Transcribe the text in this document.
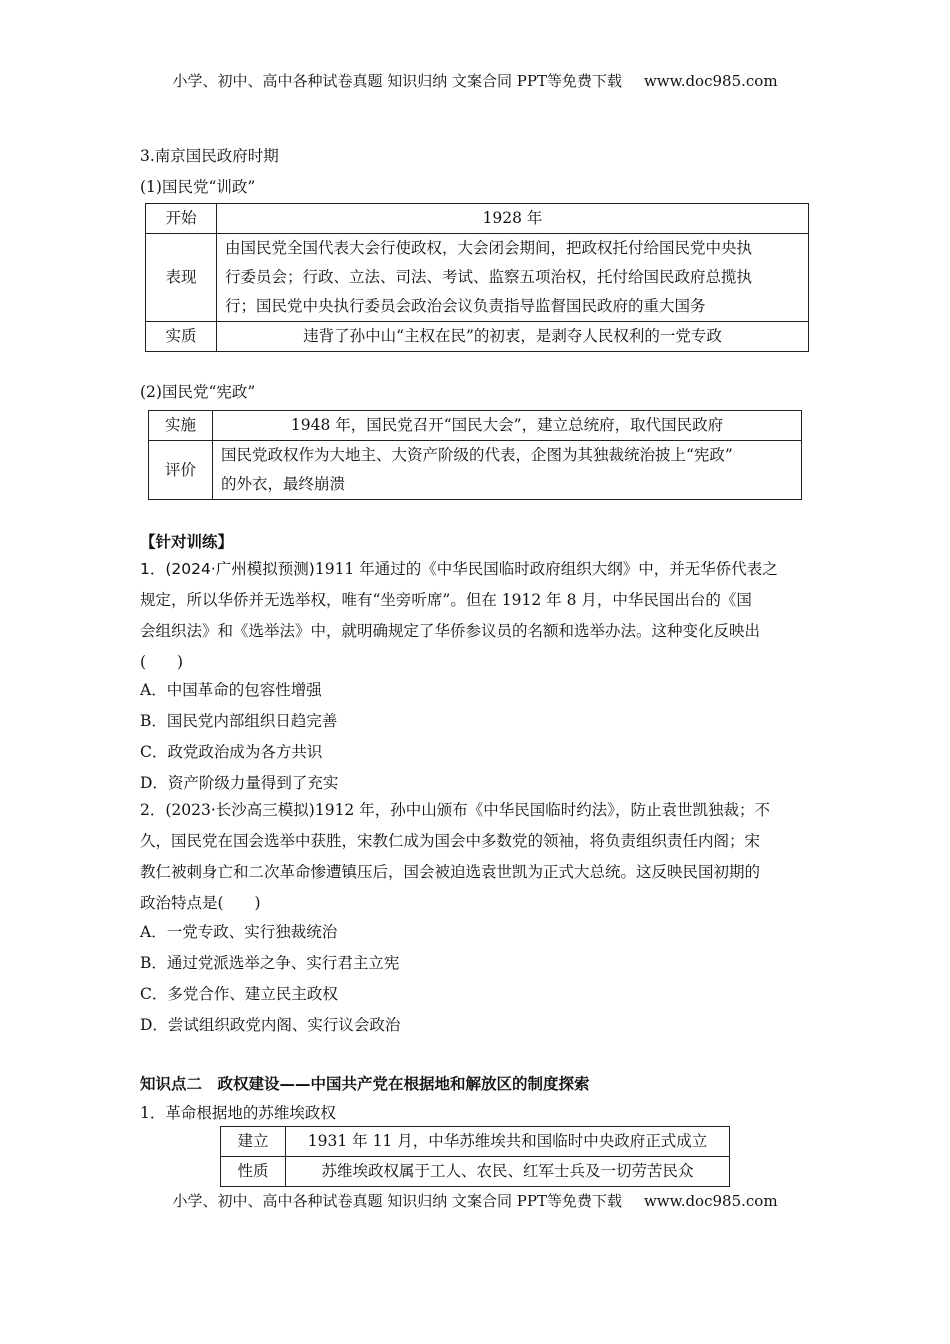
小学、初中、高中各种试卷真题 知识归纳 文案合同 PPT等免费下载 www.doc985.com
3.南京国民政府时期
(1)国民党“训政”
开始	1928 年
表现	由国民党全国代表大会行使政权，大会闭会期间，把政权托付给国民党中央执
行委员会；行政、立法、司法、考试、监察五项治权，托付给国民政府总揽执
行；国民党中央执行委员会政治会议负责指导监督国民政府的重大国务

实质	违背了孙中山“主权在民”的初衷，是剥夺人民权利的一党专政
(2)国民党“宪政”
实施	1948 年，国民党召开“国民大会”，建立总统府，取代国民政府
评价	国民党政权作为大地主、大资产阶级的代表，企图为其独裁统治披上“宪政”
的外衣，最终崩溃
【针对训练】
1．(2024·广州模拟预测)1911 年通过的《中华民国临时政府组织大纲》中，并无华侨代表之
规定，所以华侨并无选举权，唯有“坐旁听席”。但在 1912 年 8 月，中华民国出台的《国
会组织法》和《选举法》中，就明确规定了华侨参议员的名额和选举办法。这种变化反映出
(　　)
A．中国革命的包容性增强
B．国民党内部组织日趋完善
C．政党政治成为各方共识
D．资产阶级力量得到了充实
2．(2023·长沙高三模拟)1912 年，孙中山颁布《中华民国临时约法》，防止袁世凯独裁；不
久，国民党在国会选举中获胜，宋教仁成为国会中多数党的领袖，将负责组织责任内阁；宋
教仁被刺身亡和二次革命惨遭镇压后，国会被迫选袁世凯为正式大总统。这反映民国初期的
政治特点是(　　)
A．一党专政、实行独裁统治
B．通过党派选举之争、实行君主立宪
C．多党合作、建立民主政权
D．尝试组织政党内阁、实行议会政治
知识点二　政权建设——中国共产党在根据地和解放区的制度探索
1．革命根据地的苏维埃政权
建立	1931 年 11 月，中华苏维埃共和国临时中央政府正式成立
性质	苏维埃政权属于工人、农民、红军士兵及一切劳苦民众
小学、初中、高中各种试卷真题 知识归纳 文案合同 PPT等免费下载 www.doc985.com
